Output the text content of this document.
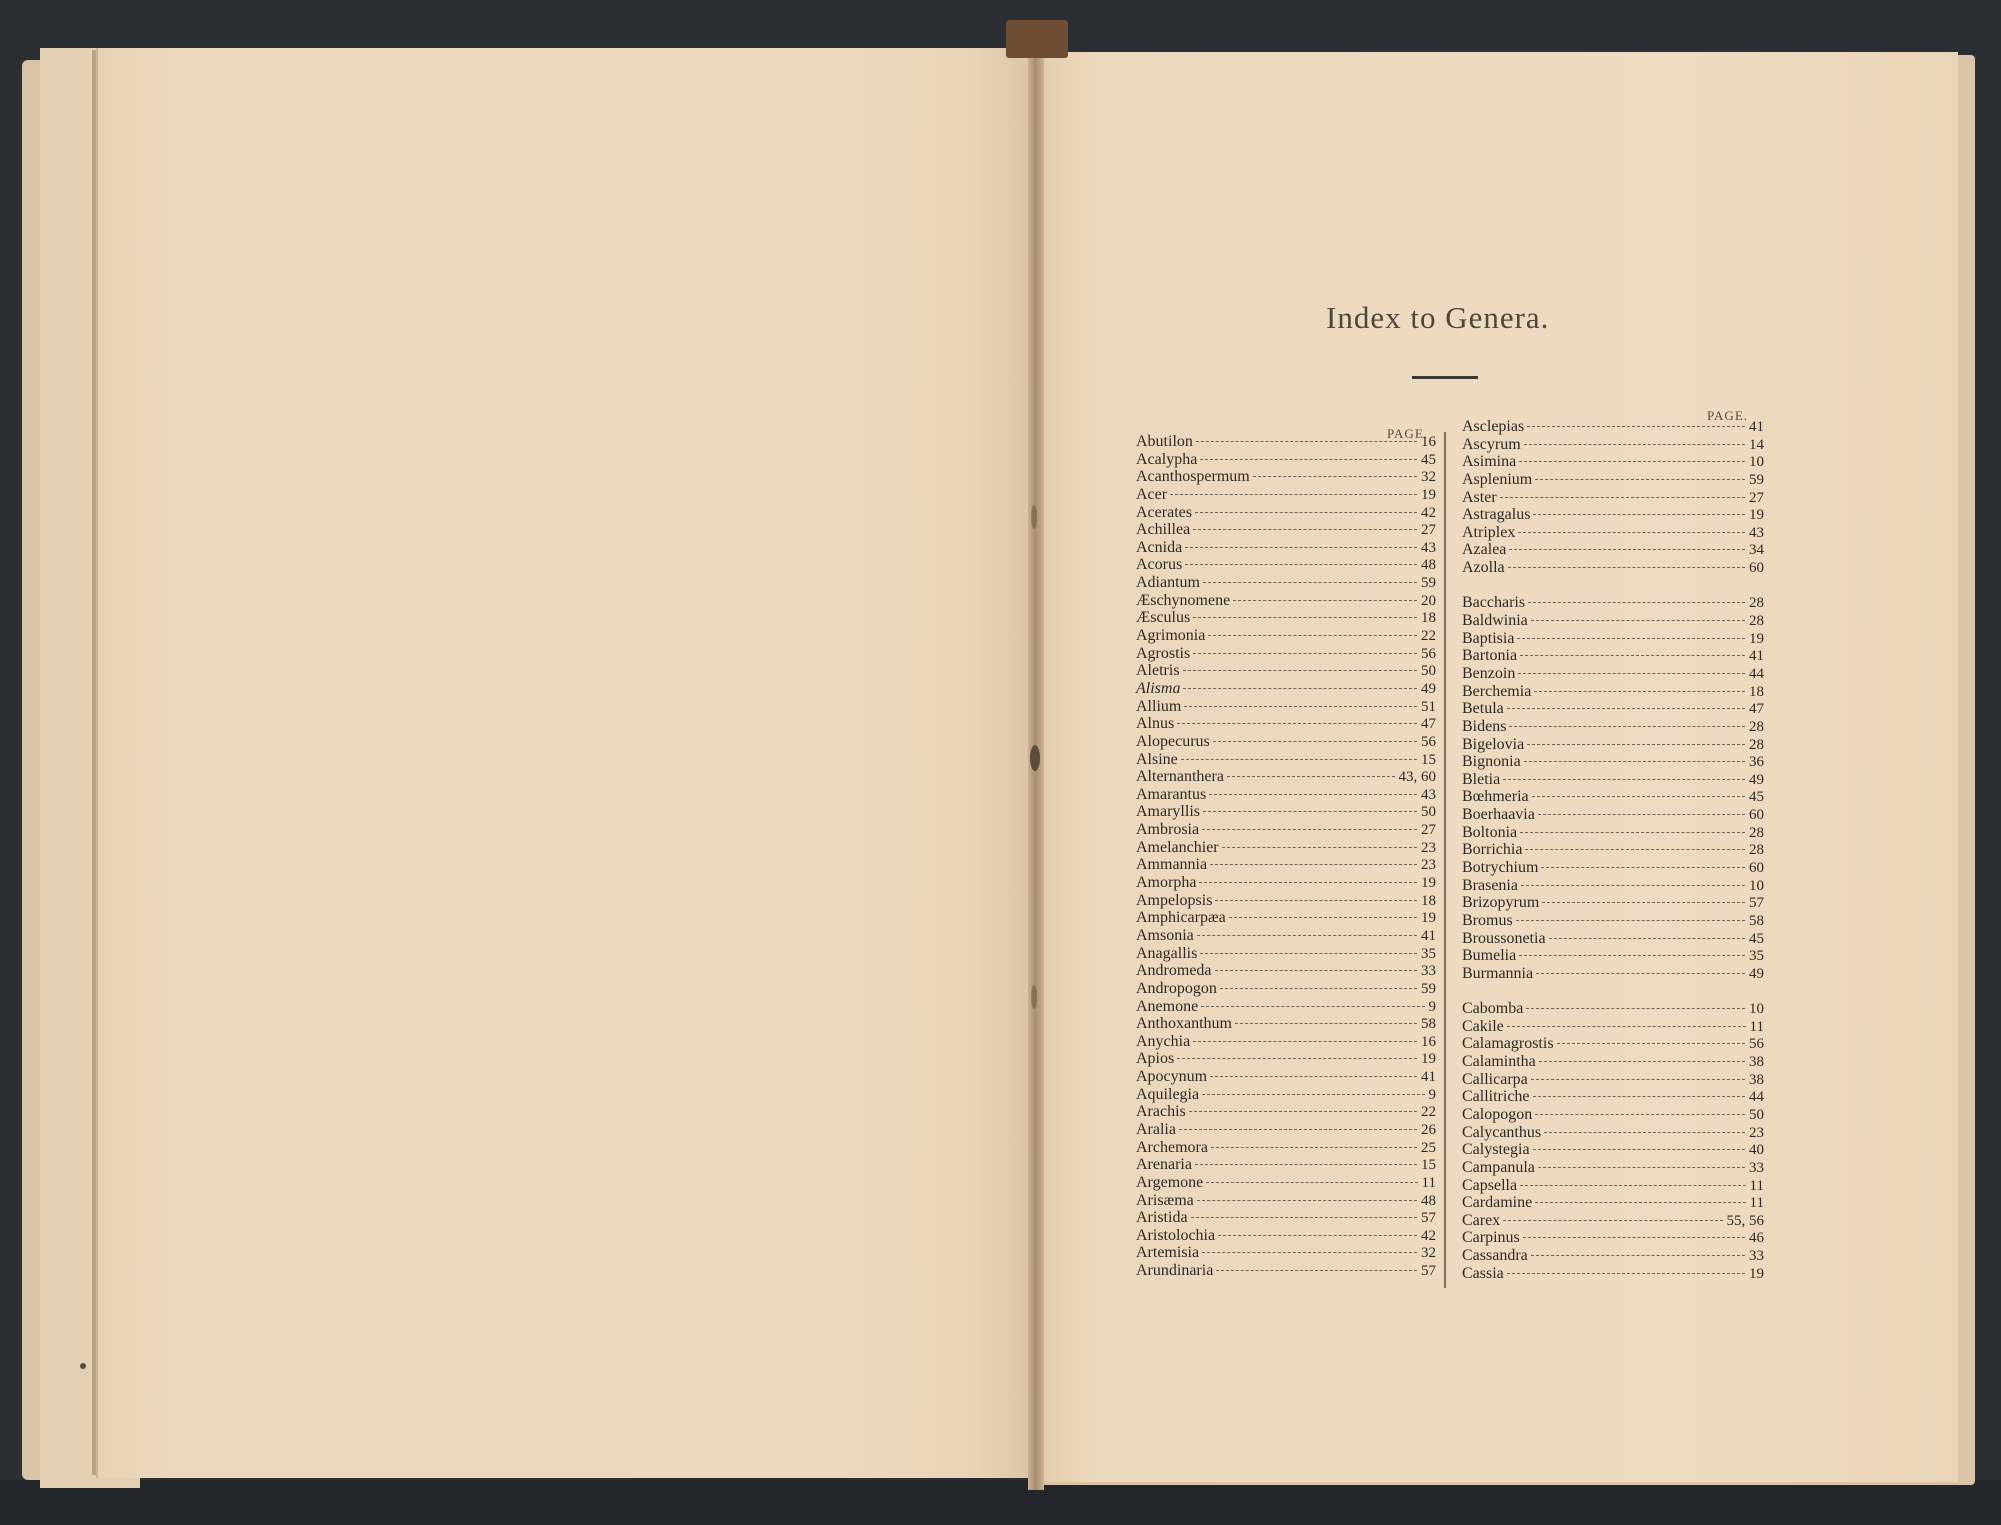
Index to Genera.
PAGE.
PAGE.
Abutilon	16
Acalypha	45
Acanthospermum	32
Acer	19
Acerates	42
Achillea	27
Acnida	43
Acorus	48
Adiantum	59
Æschynomene	20
Æsculus	18
Agrimonia	22
Agrostis	56
Aletris	50
Alisma	49
Allium	51
Alnus	47
Alopecurus	56
Alsine	15
Alternanthera	43, 60
Amarantus	43
Amaryllis	50
Ambrosia	27
Amelanchier	23
Ammannia	23
Amorpha	19
Ampelopsis	18
Amphicarpæa	19
Amsonia	41
Anagallis	35
Andromeda	33
Andropogon	59
Anemone	9
Anthoxanthum	58
Anychia	16
Apios	19
Apocynum	41
Aquilegia	9
Arachis	22
Aralia	26
Archemora	25
Arenaria	15
Argemone	11
Arisæma	48
Aristida	57
Aristolochia	42
Artemisia	32
Arundinaria	57
Asclepias	41
Ascyrum	14
Asimina	10
Asplenium	59
Aster	27
Astragalus	19
Atriplex	43
Azalea	34
Azolla	60
Baccharis	28
Baldwinia	28
Baptisia	19
Bartonia	41
Benzoin	44
Berchemia	18
Betula	47
Bidens	28
Bigelovia	28
Bignonia	36
Bletia	49
Bœhmeria	45
Boerhaavia	60
Boltonia	28
Borrichia	28
Botrychium	60
Brasenia	10
Brizopyrum	57
Bromus	58
Broussonetia	45
Bumelia	35
Burmannia	49
Cabomba	10
Cakile	11
Calamagrostis	56
Calamintha	38
Callicarpa	38
Callitriche	44
Calopogon	50
Calycanthus	23
Calystegia	40
Campanula	33
Capsella	11
Cardamine	11
Carex	55, 56
Carpinus	46
Cassandra	33
Cassia	19
